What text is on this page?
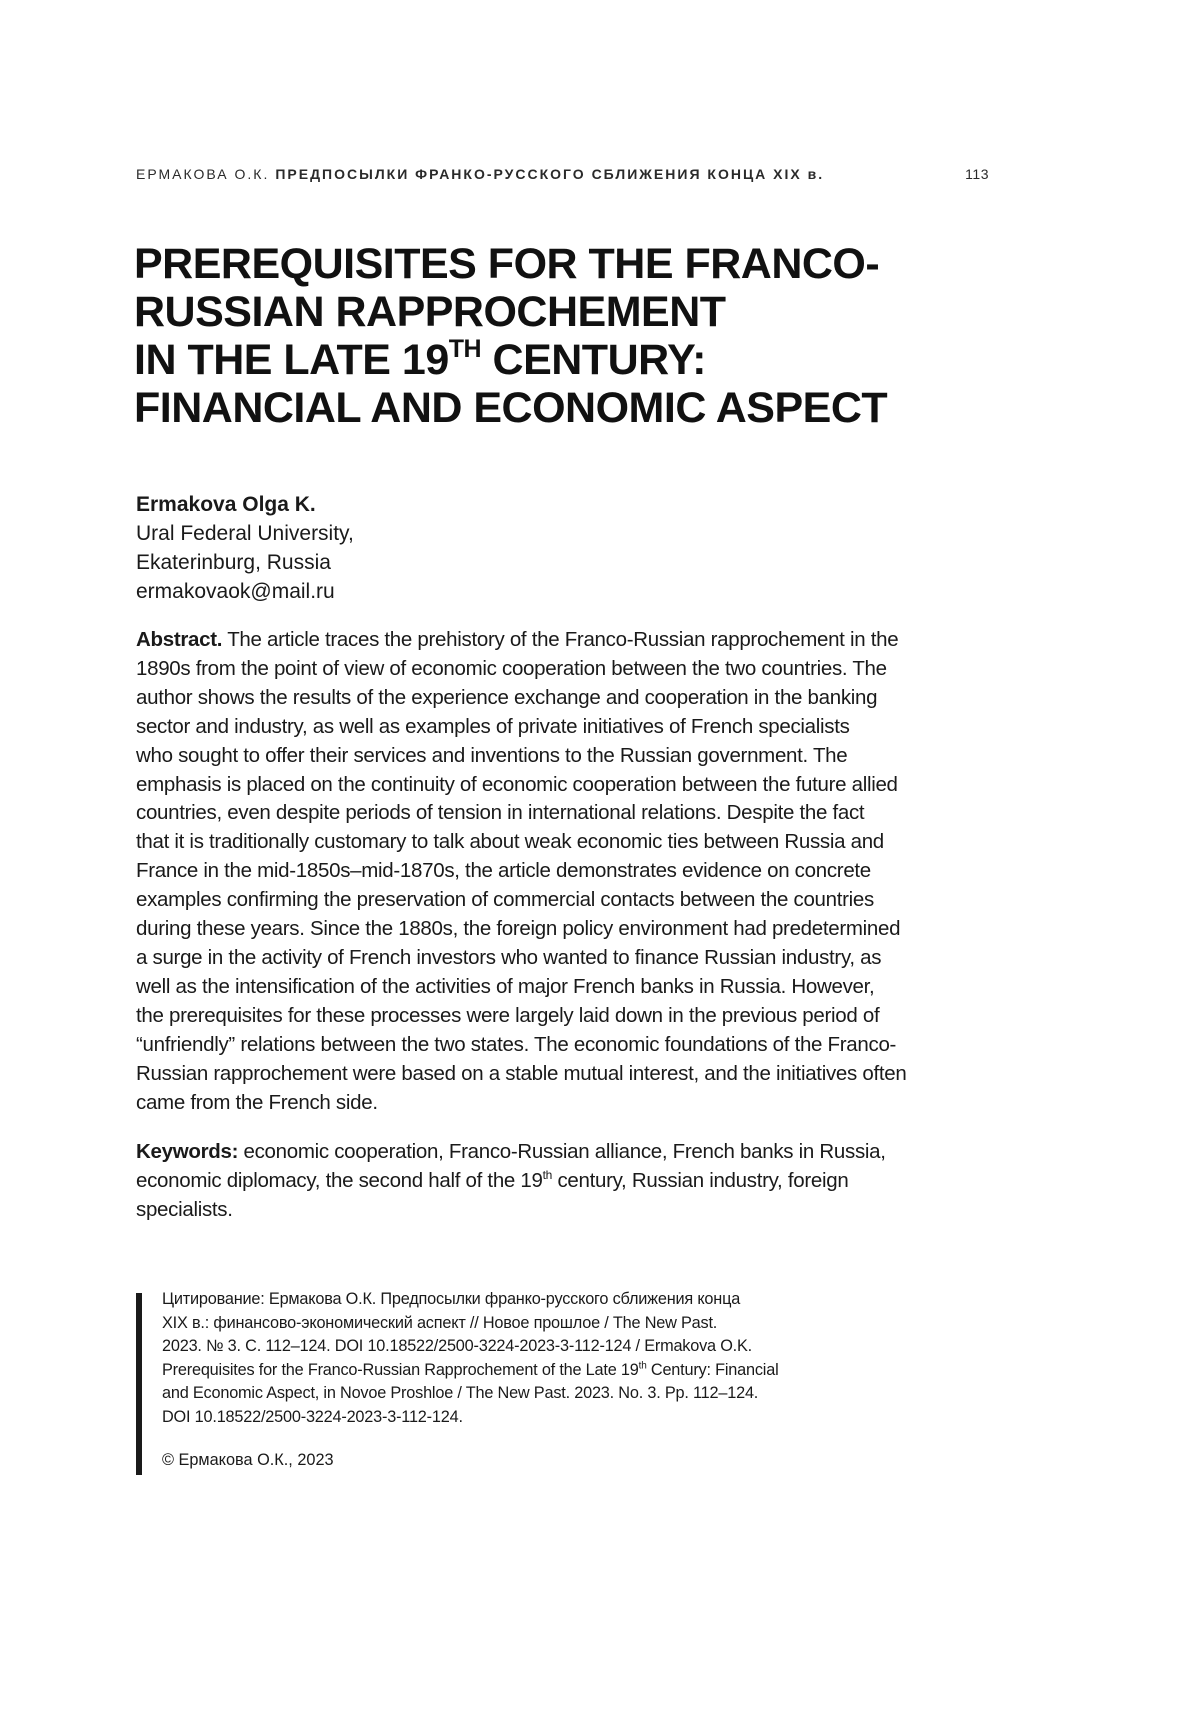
ЕРМАКОВА О.К. ПРЕДПОСЫЛКИ ФРАНКО-РУССКОГО СБЛИЖЕНИЯ КОНЦА XIX в.	113
PREREQUISITES FOR THE FRANCO-
RUSSIAN RAPPROCHEMENT
IN THE LATE 19TH CENTURY:
FINANCIAL AND ECONOMIC ASPECT
Ermakova Olga K.
Ural Federal University,
Ekaterinburg, Russia
ermakovaok@mail.ru

Abstract. The article traces the prehistory of the Franco-Russian rapprochement in the
1890s from the point of view of economic cooperation between the two countries. The
author shows the results of the experience exchange and cooperation in the banking
sector and industry, as well as examples of private initiatives of French specialists
who sought to offer their services and inventions to the Russian government. The
emphasis is placed on the continuity of economic cooperation between the future allied
countries, even despite periods of tension in international relations. Despite the fact
that it is traditionally customary to talk about weak economic ties between Russia and
France in the mid-1850s–mid-1870s, the article demonstrates evidence on concrete
examples confirming the preservation of commercial contacts between the countries
during these years. Since the 1880s, the foreign policy environment had predetermined
a surge in the activity of French investors who wanted to finance Russian industry, as
well as the intensification of the activities of major French banks in Russia. However,
the prerequisites for these processes were largely laid down in the previous period of
“unfriendly” relations between the two states. The economic foundations of the Franco-
Russian rapprochement were based on a stable mutual interest, and the initiatives often
came from the French side.

Keywords: economic cooperation, Franco-Russian alliance, French banks in Russia,
economic diplomacy, the second half of the 19th century, Russian industry, foreign
specialists.

Цитирование: Ермакова О.К. Предпосылки франко-русского сближения конца
XIX в.: финансово-экономический аспект // Новое прошлое / The New Past.
2023. № 3. С. 112–124. DOI 10.18522/2500-3224-2023-3-112-124 / Ermakova O.K.
Prerequisites for the Franco-Russian Rapprochement of the Late 19th Century: Financial
and Economic Aspect, in Novoe Proshloe / The New Past. 2023. No. 3. Pp. 112–124.
DOI 10.18522/2500-3224-2023-3-112-124.

© Ермакова О.К., 2023
